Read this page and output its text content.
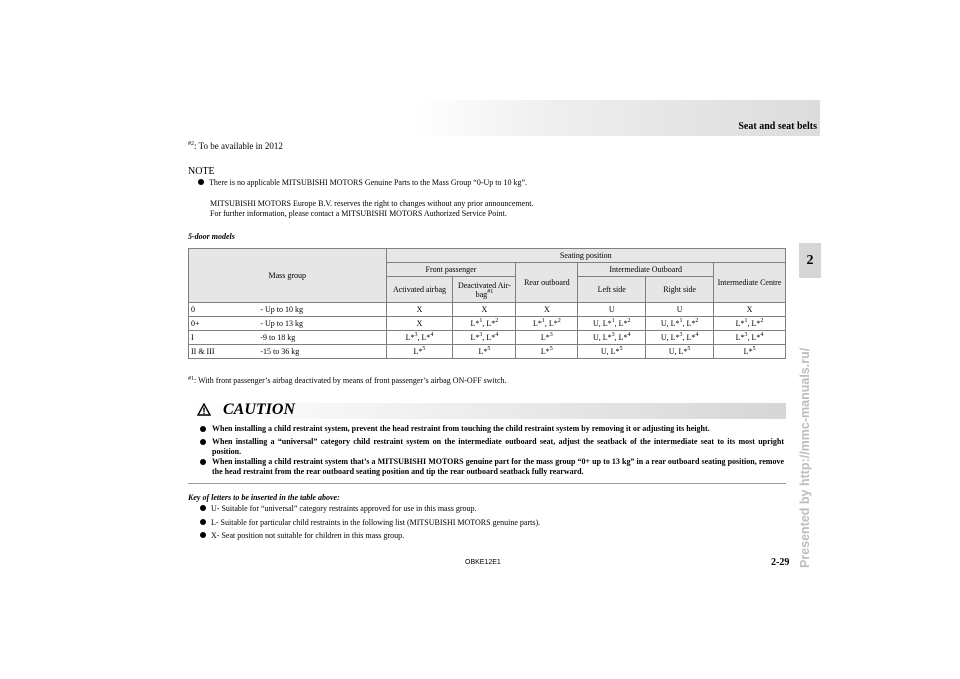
Seat and seat belts
2
Presented by http://mmc-manuals.ru/
$^{\#2}$: To be available in 2012
NOTE
There is no applicable MITSUBISHI MOTORS Genuine Parts to the Mass Group “0-Up to 10 kg”.
MITSUBISHI MOTORS Europe B.V. reserves the right to changes without any prior announcement.
For further information, please contact a MITSUBISHI MOTORS Authorized Service Point.
5-door models
Mass group		Seating position					
		Front passenger		Rear outboard	Intermediate Outboard		Intermediate Centre
		Activated airbag	Deactivated Air-bag$^{\#1}$		Left side	Right side	
0	- Up to 10 kg	X	X	X	U	U	X
0+	- Up to 13 kg	X	L*$^1$, L*$^2$	L*$^1$, L*$^2$	U, L*$^1$, L*$^2$	U, L*$^1$, L*$^2$	L*$^1$, L*$^2$
I	-9 to 18 kg	L*$^3$, L*$^4$	L*$^3$, L*$^4$	L*$^3$	U, L*$^3$, L*$^4$	U, L*$^3$, L*$^4$	L*$^3$, L*$^4$
II & III	-15 to 36 kg	L*$^5$	L*$^5$	L*$^5$	U, L*$^5$	U, L*$^5$	L*$^5$
$^{\#1}$: With front passenger’s airbag deactivated by means of front passenger’s airbag ON-OFF switch.
CAUTION
When installing a child restraint system, prevent the head restraint from touching the child restraint system by removing it or adjusting its height.
When installing a “universal” category child restraint system on the intermediate outboard seat, adjust the seatback of the intermediate seat to its most upright position.
When installing a child restraint system that’s a MITSUBISHI MOTORS genuine part for the mass group “0+ up to 13 kg” in a rear outboard seating position, remove the head restraint from the rear outboard seating position and tip the rear outboard seatback fully rearward.
Key of letters to be inserted in the table above:
U- Suitable for “universal” category restraints approved for use in this mass group.
L- Suitable for particular child restraints in the following list (MITSUBISHI MOTORS genuine parts).
X- Seat position not suitable for children in this mass group.
OBKE12E1	2-29
